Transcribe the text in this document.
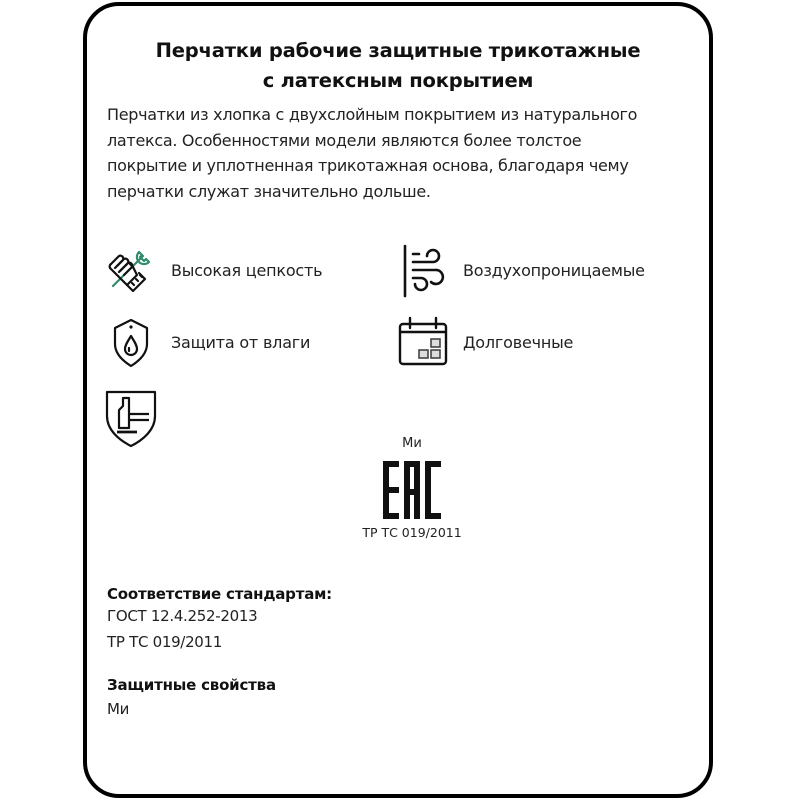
Перчатки рабочие защитные трикотажные
с латексным покрытием
Перчатки из хлопка с двухслойным покрытием из натурального
латекса. Особенностями модели являются более толстое
покрытие и уплотненная трикотажная основа, благодаря чему
перчатки служат значительно дольше.
Высокая цепкость	Воздухопроницаемые
Защита от влаги	Долговечные
Ми
ТР ТС 019/2011
Соответствие стандартам:
ГОСТ 12.4.252-2013
ТР ТС 019/2011
Защитные свойства
Ми
